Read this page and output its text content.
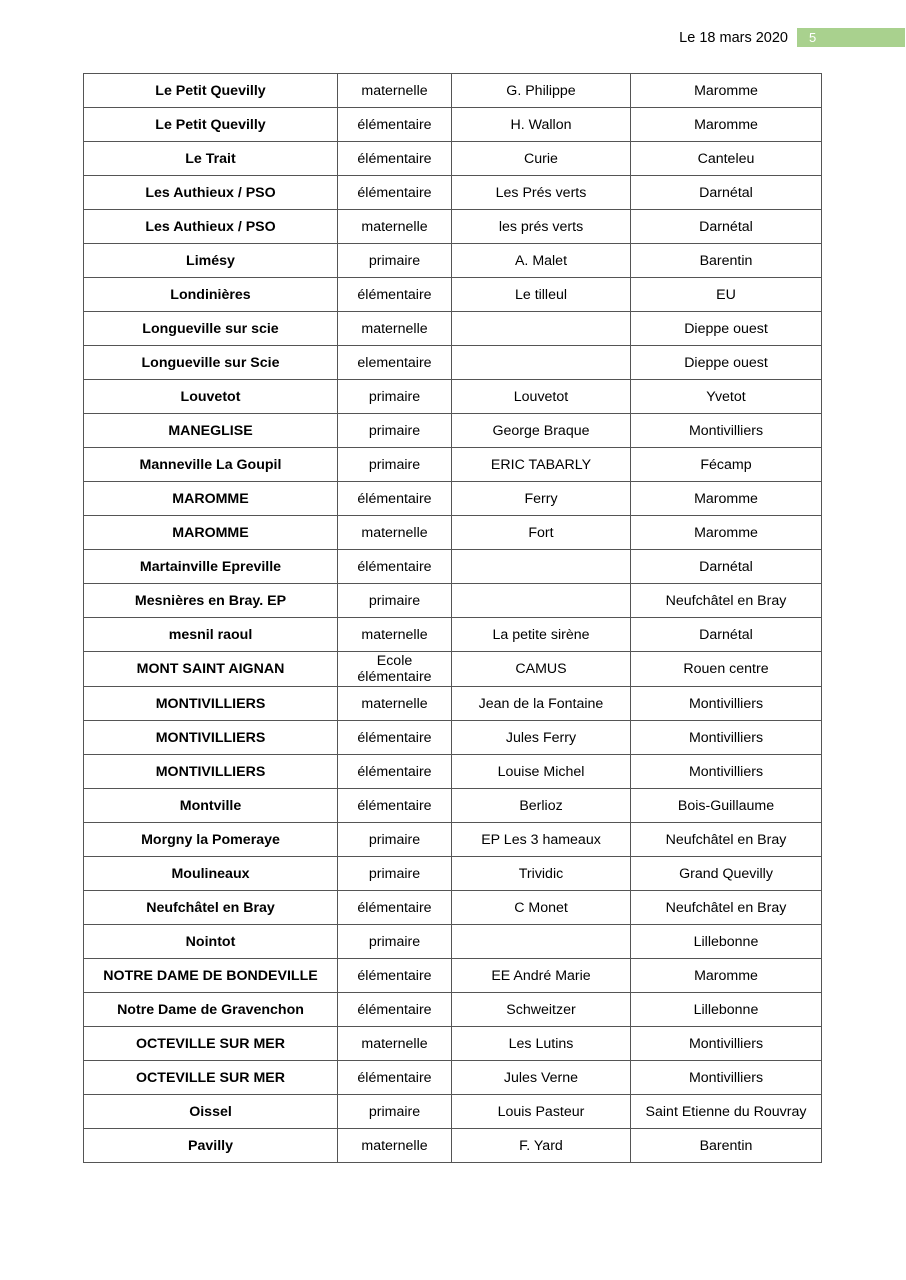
Le 18 mars 2020	5
Le Petit Quevilly	maternelle	G. Philippe	Maromme
Le Petit Quevilly	élémentaire	H. Wallon	Maromme
Le Trait	élémentaire	Curie	Canteleu
Les Authieux / PSO	élémentaire	Les Prés verts	Darnétal
Les Authieux / PSO	maternelle	les prés verts	Darnétal
Limésy	primaire	A. Malet	Barentin
Londinières	élémentaire	Le tilleul	EU
Longueville sur scie	maternelle		Dieppe ouest
Longueville sur Scie	elementaire		Dieppe ouest
Louvetot	primaire	Louvetot	Yvetot
MANEGLISE	primaire	George Braque	Montivilliers
Manneville La Goupil	primaire	ERIC TABARLY	Fécamp
MAROMME	élémentaire	Ferry	Maromme
MAROMME	maternelle	Fort	Maromme
Martainville Epreville	élémentaire		Darnétal
Mesnières en Bray. EP	primaire		Neufchâtel en Bray
mesnil raoul	maternelle	La petite sirène	Darnétal
MONT SAINT AIGNAN	Ecole élémentaire	CAMUS	Rouen centre
MONTIVILLIERS	maternelle	Jean de la Fontaine	Montivilliers
MONTIVILLIERS	élémentaire	Jules Ferry	Montivilliers
MONTIVILLIERS	élémentaire	Louise Michel	Montivilliers
Montville	élémentaire	Berlioz	Bois-Guillaume
Morgny la Pomeraye	primaire	EP Les 3 hameaux	Neufchâtel en Bray
Moulineaux	primaire	Trividic	Grand Quevilly
Neufchâtel en Bray	élémentaire	C Monet	Neufchâtel en Bray
Nointot	primaire		Lillebonne
NOTRE DAME DE BONDEVILLE	élémentaire	EE André Marie	Maromme
Notre Dame de Gravenchon	élémentaire	Schweitzer	Lillebonne
OCTEVILLE SUR MER	maternelle	Les Lutins	Montivilliers
OCTEVILLE SUR MER	élémentaire	Jules Verne	Montivilliers
Oissel	primaire	Louis Pasteur	Saint Etienne du Rouvray
Pavilly	maternelle	F. Yard	Barentin
